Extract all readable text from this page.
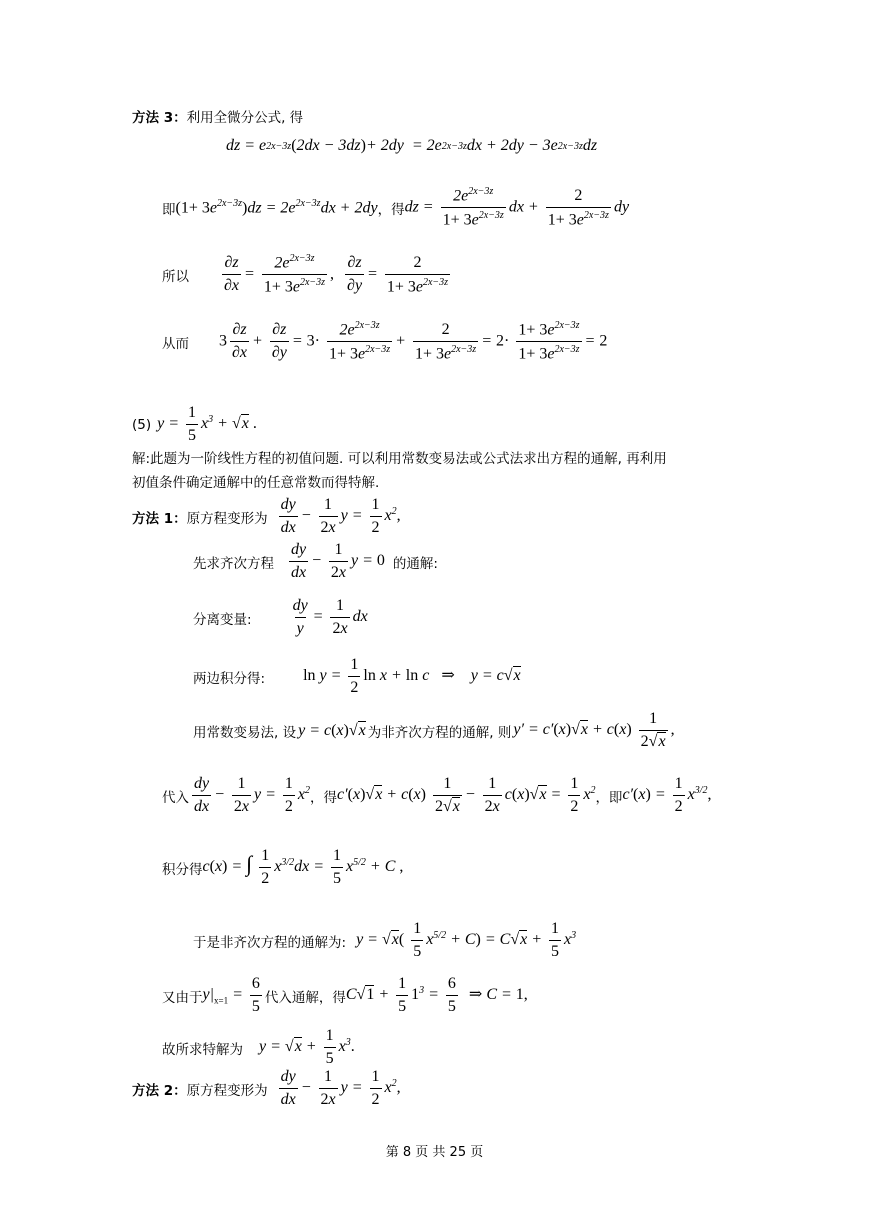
方法 3： 利用全微分公式, 得
dz = e 2x−3z ( 2dx − 3dz ) + 2dy  = 2e 2x−3z dx + 2dy − 3e 2x−3z dz
即 $(1+ 3e^{2x-3z})dz = 2e^{2x-3z}dx + 2dy$ ，得 dz = $\frac{2e^{2x-3z}}{1+ 3e^{2x-3z}}$ dx + $\frac{2}{1+ 3e^{2x-3z}}$ dy
所以 $\frac{\partial z}{\partial x} = \frac{2e^{2x-3z}}{1+ 3e^{2x-3z}}$ , $\frac{\partial z}{\partial y} = \frac{2}{1+ 3e^{2x-3z}}$
从而 $3 \frac{\partial z}{\partial x} + \frac{\partial z}{\partial y} = 3\cdot \frac{2e^{2x-3z}}{1+ 3e^{2x-3z}} + \frac{2}{1+ 3e^{2x-3z}} = 2\cdot \frac{1+ 3e^{2x-3z}}{1+ 3e^{2x-3z}} = 2$
(5) $y = \frac{1}{5} x^3 + √x$ .
解:此题为一阶线性方程的初值问题. 可以利用常数变易法或公式法求出方程的通解, 再利用
初值条件确定通解中的任意常数而得特解.
方法 1： 原方程变形为 $\frac{dy}{dx} - \frac{1}{2x}$ $y = \frac{1}{2} x^2$,
先求齐次方程 $\frac{dy}{dx} - \frac{1}{2x}$ y = 0 的通解:
分离变量: $\frac{dy}{y} = \frac{1}{2x}$ dx
两边积分得: $\ln y = \frac{1}{2}$ ln x + ln c   ⇒    y = c√x
用常数变易法, 设 y = c(x)√x 为非齐次方程的通解, 则 $y' = c'(x)√x + c(x) \frac{1}{2√x}$ ,
代入 $\frac{dy}{dx} - \frac{1}{2x}$ $y = \frac{1}{2} x^2$ ，得 $c'(x)√x + c(x) \frac{1}{2√x} - \frac{1}{2x} c(x)√x = \frac{1}{2} x^2$ ，即 $c'(x) = \frac{1}{2} x^{3/2}$,
积分得 c(x) = ∫ $\frac{1}{2} x^{3/2}dx = \frac{1}{5} x^{5/2} + C$ ,
于是非齐次方程的通解为: $y = √x( \frac{1}{5} x^{5/2} + C) = C√x + \frac{1}{5} x^3$
又由于 $y|_{x=1} = \frac{6}{5}$ 代入通解，得 $C√1 + \frac{1}{5} 1^3 = \frac{6}{5}$ ⇒ C = 1,
故所求特解为 $y = √x + \frac{1}{5} x^3$.
方法 2： 原方程变形为 $\frac{dy}{dx} - \frac{1}{2x}$ $y = \frac{1}{2} x^2$,
第 8 页 共 25 页
